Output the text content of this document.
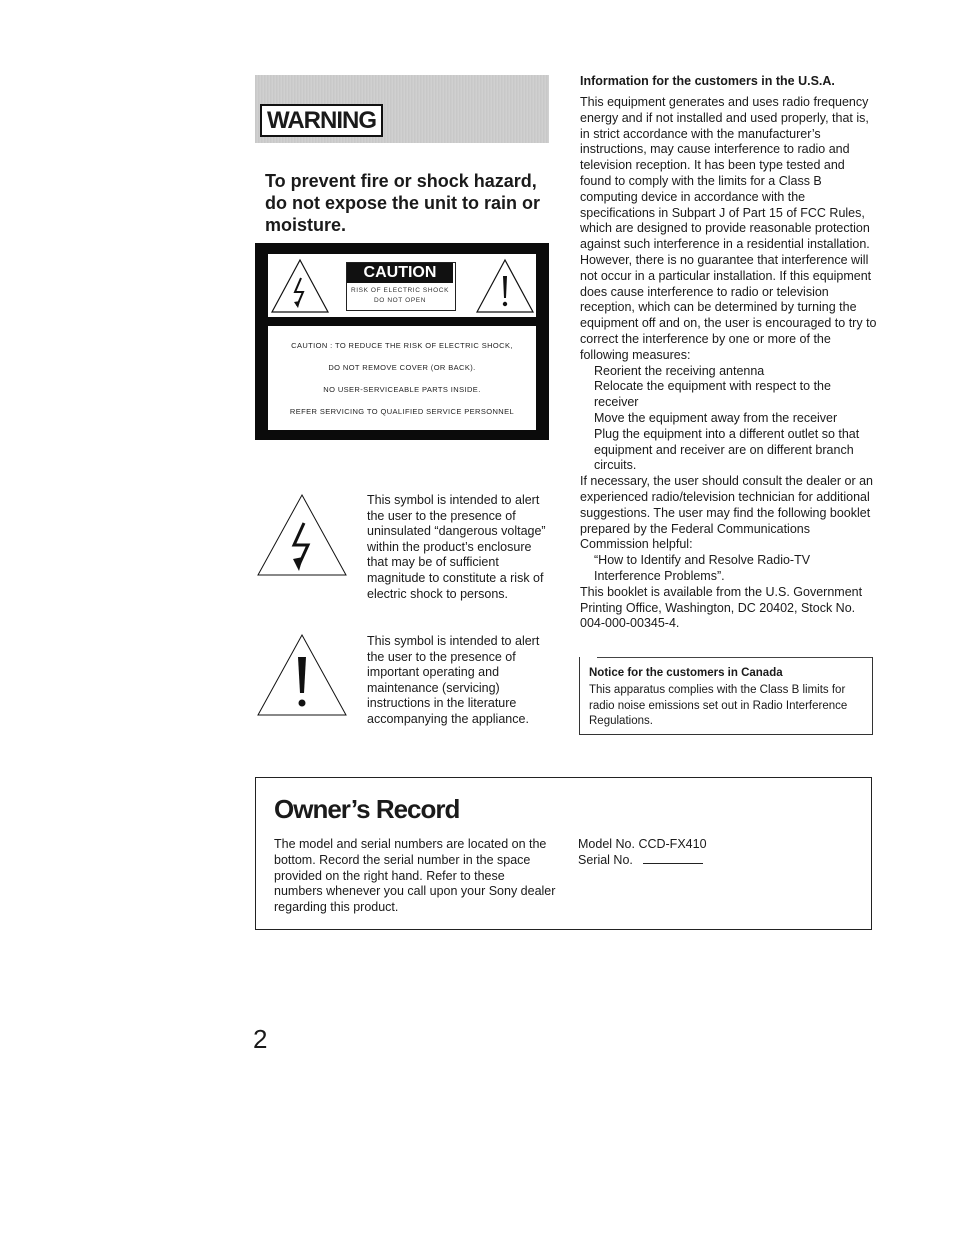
WARNING
To prevent fire or shock hazard, do not expose the unit to rain or moisture.
CAUTION
RISK OF ELECTRIC SHOCK
DO NOT OPEN
CAUTION : TO REDUCE THE RISK OF ELECTRIC SHOCK,
DO NOT REMOVE COVER (OR BACK).
NO USER-SERVICEABLE PARTS INSIDE.
REFER SERVICING TO QUALIFIED SERVICE PERSONNEL
This symbol is intended to alert the user to the presence of uninsulated “dangerous voltage” within the product’s enclosure that may be of sufficient magnitude to constitute a risk of electric shock to persons.
This symbol is intended to alert the user to the presence of important operating and maintenance (servicing) instructions in the literature accompanying the appliance.
Information for the customers in the U.S.A.

This equipment generates and uses radio frequency energy and if not installed and used properly, that is, in strict accordance with the manufacturer’s instructions, may cause interference to radio and television reception. It has been type tested and found to comply with the limits for a Class B computing device in accordance with the specifications in Subpart J of Part 15 of FCC Rules, which are designed to provide reasonable protection against such interference in a residential installation. However, there is no guarantee that interference will not occur in a particular installation. If this equipment does cause interference to radio or television reception, which can be determined by turning the equipment off and on, the user is encouraged to try to correct the interference by one or more of the following measures:

Reorient the receiving antenna

Relocate the equipment with respect to the receiver

Move the equipment away from the receiver

Plug the equipment into a different outlet so that equipment and receiver are on different branch circuits.

If necessary, the user should consult the dealer or an experienced radio/television technician for additional suggestions. The user may find the following booklet prepared by the Federal Communications Commission helpful:

“How to Identify and Resolve Radio-TV Interference Problems”.

This booklet is available from the U.S. Government Printing Office, Washington, DC 20402, Stock No. 004-000-00345-4.

Notice for the customers in Canada
This apparatus complies with the Class B limits for radio noise emissions set out in Radio Interference Regulations.
Owner’s Record
The model and serial numbers are located on the bottom. Record the serial number in the space provided on the right hand. Refer to these numbers whenever you call upon your Sony dealer regarding this product.
Model No. CCD-FX410
Serial No.
2
